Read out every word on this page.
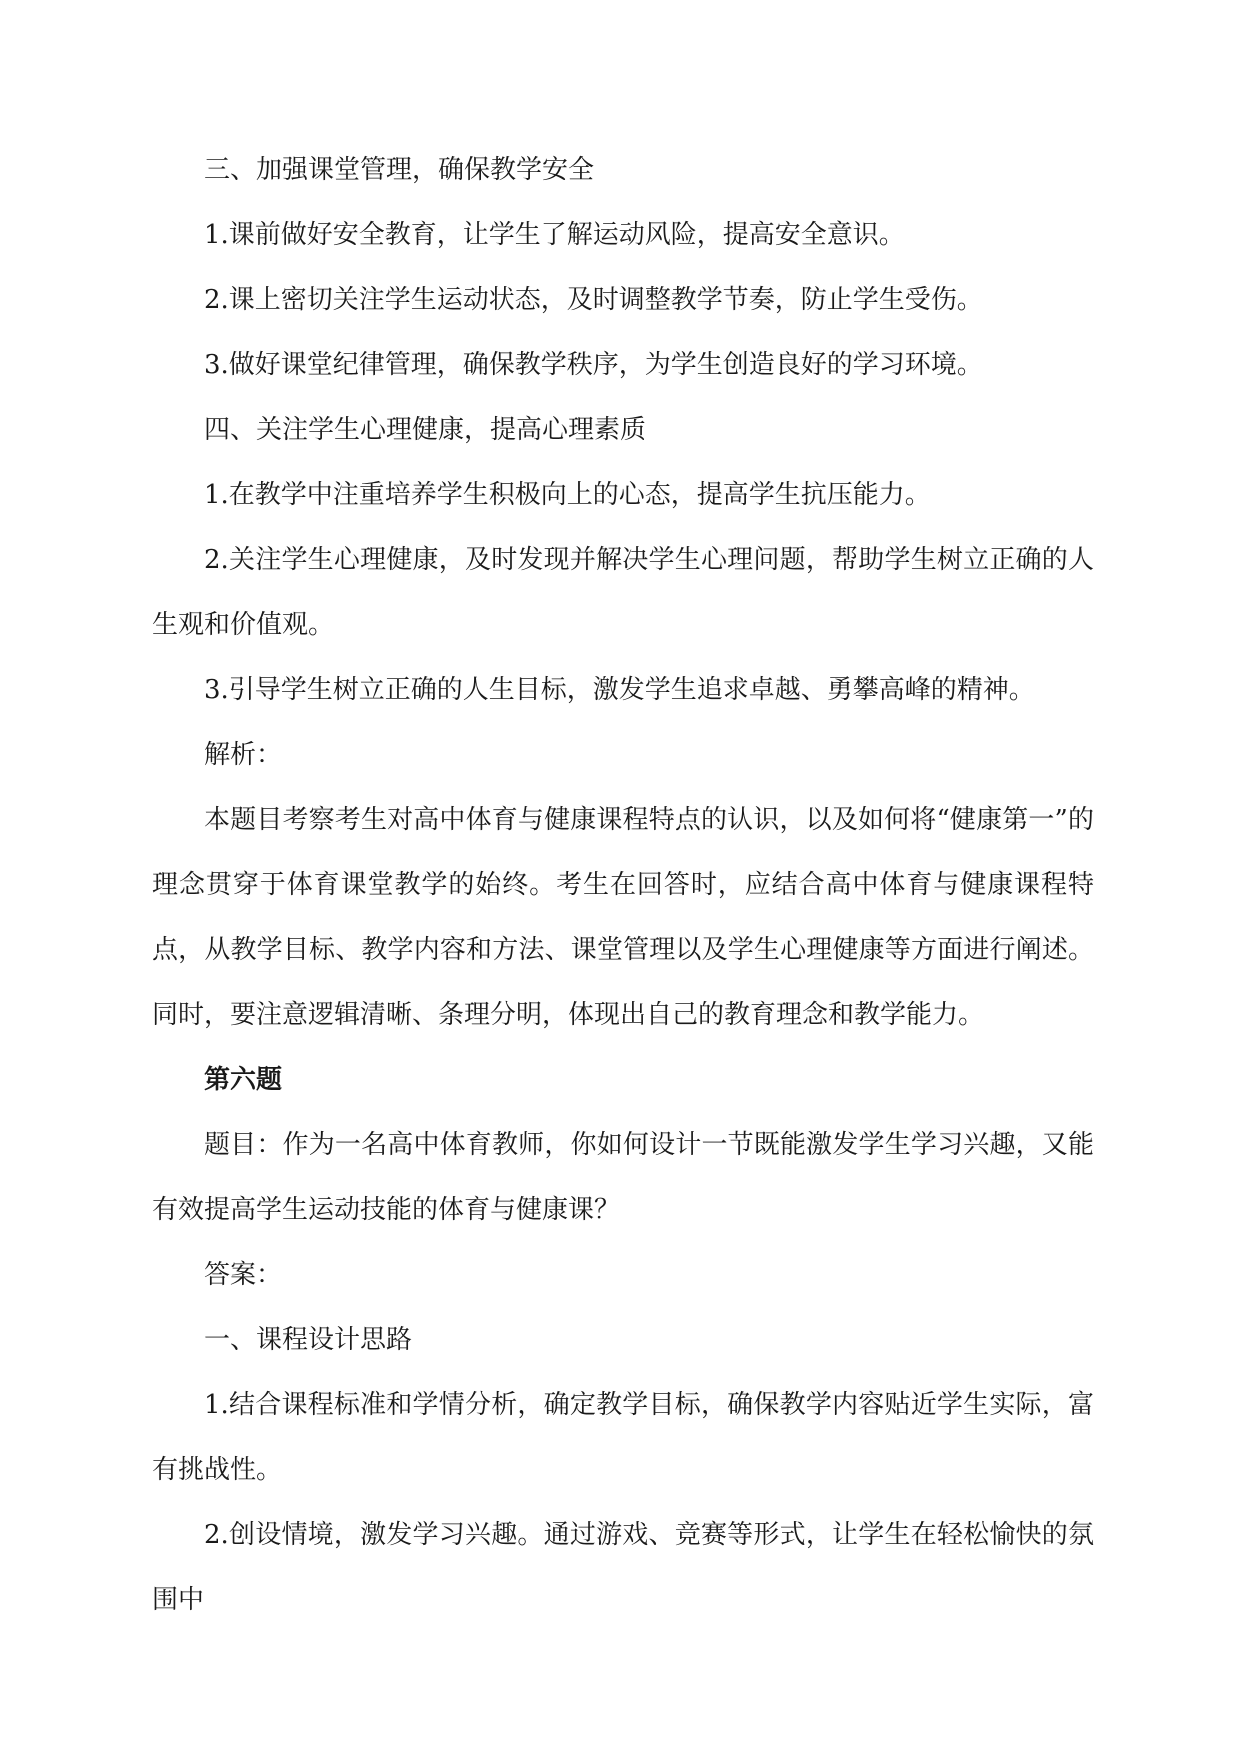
三、加强课堂管理，确保教学安全

1.课前做好安全教育，让学生了解运动风险，提高安全意识。

2.课上密切关注学生运动状态，及时调整教学节奏，防止学生受伤。

3.做好课堂纪律管理，确保教学秩序，为学生创造良好的学习环境。

四、关注学生心理健康，提高心理素质

1.在教学中注重培养学生积极向上的心态，提高学生抗压能力。

2.关注学生心理健康，及时发现并解决学生心理问题，帮助学生树立正确的人生观和价值观。

3.引导学生树立正确的人生目标，激发学生追求卓越、勇攀高峰的精神。

解析：

本题目考察考生对高中体育与健康课程特点的认识，以及如何将“健康第一”的理念贯穿于体育课堂教学的始终。考生在回答时，应结合高中体育与健康课程特点，从教学目标、教学内容和方法、课堂管理以及学生心理健康等方面进行阐述。同时，要注意逻辑清晰、条理分明，体现出自己的教育理念和教学能力。

第六题

题目：作为一名高中体育教师，你如何设计一节既能激发学生学习兴趣，又能有效提高学生运动技能的体育与健康课？

答案：

一、课程设计思路

1.结合课程标准和学情分析，确定教学目标，确保教学内容贴近学生实际，富有挑战性。

2.创设情境，激发学习兴趣。通过游戏、竞赛等形式，让学生在轻松愉快的氛围中
